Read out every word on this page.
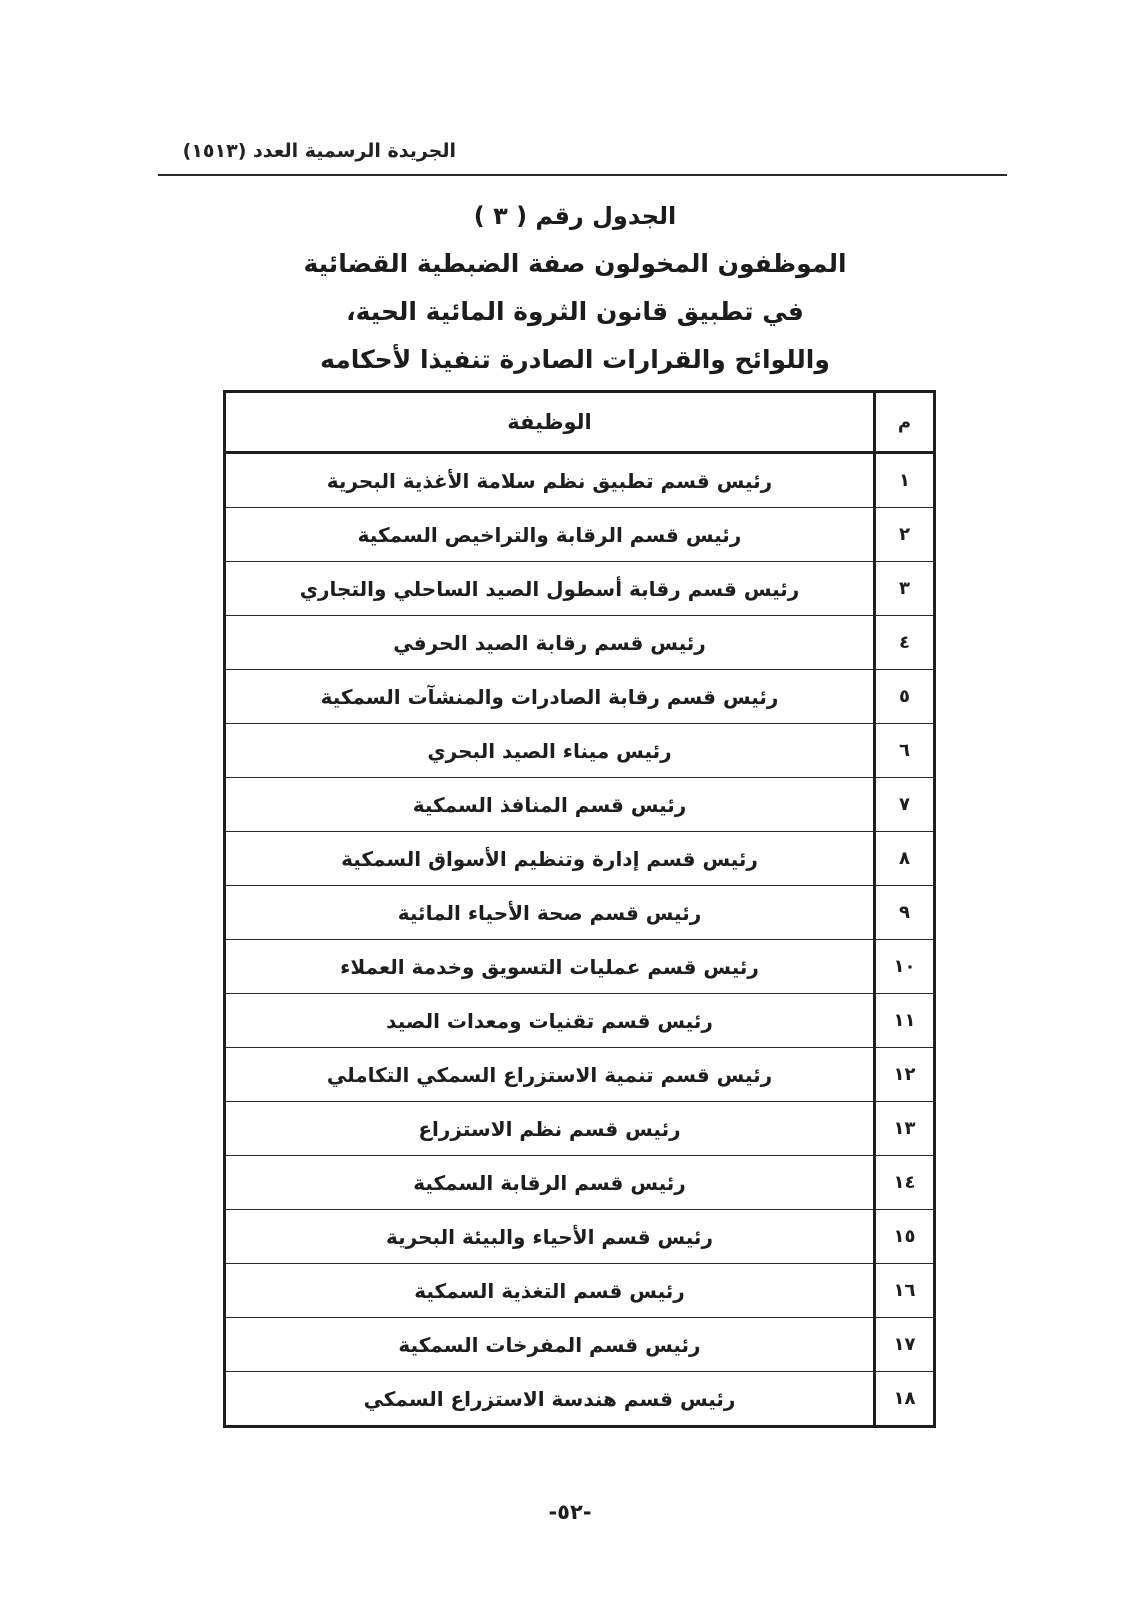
الجريدة الرسمية العدد (١٥١٣)
الجدول رقم ( ٣ )
الموظفون المخولون صفة الضبطية القضائية
في تطبيق قانون الثروة المائية الحية،
واللوائح والقرارات الصادرة تنفيذا لأحكامه
م	الوظيفة
١	رئيس قسم تطبيق نظم سلامة الأغذية البحرية
٢	رئيس قسم الرقابة والتراخيص السمكية
٣	رئيس قسم رقابة أسطول الصيد الساحلي والتجاري
٤	رئيس قسم رقابة الصيد الحرفي
٥	رئيس قسم رقابة الصادرات والمنشآت السمكية
٦	رئيس ميناء الصيد البحري
٧	رئيس قسم المنافذ السمكية
٨	رئيس قسم إدارة وتنظيم الأسواق السمكية
٩	رئيس قسم صحة الأحياء المائية
١٠	رئيس قسم عمليات التسويق وخدمة العملاء
١١	رئيس قسم تقنيات ومعدات الصيد
١٢	رئيس قسم تنمية الاستزراع السمكي التكاملي
١٣	رئيس قسم نظم الاستزراع
١٤	رئيس قسم الرقابة السمكية
١٥	رئيس قسم الأحياء والبيئة البحرية
١٦	رئيس قسم التغذية السمكية
١٧	رئيس قسم المفرخات السمكية
١٨	رئيس قسم هندسة الاستزراع السمكي
-٥٢-
